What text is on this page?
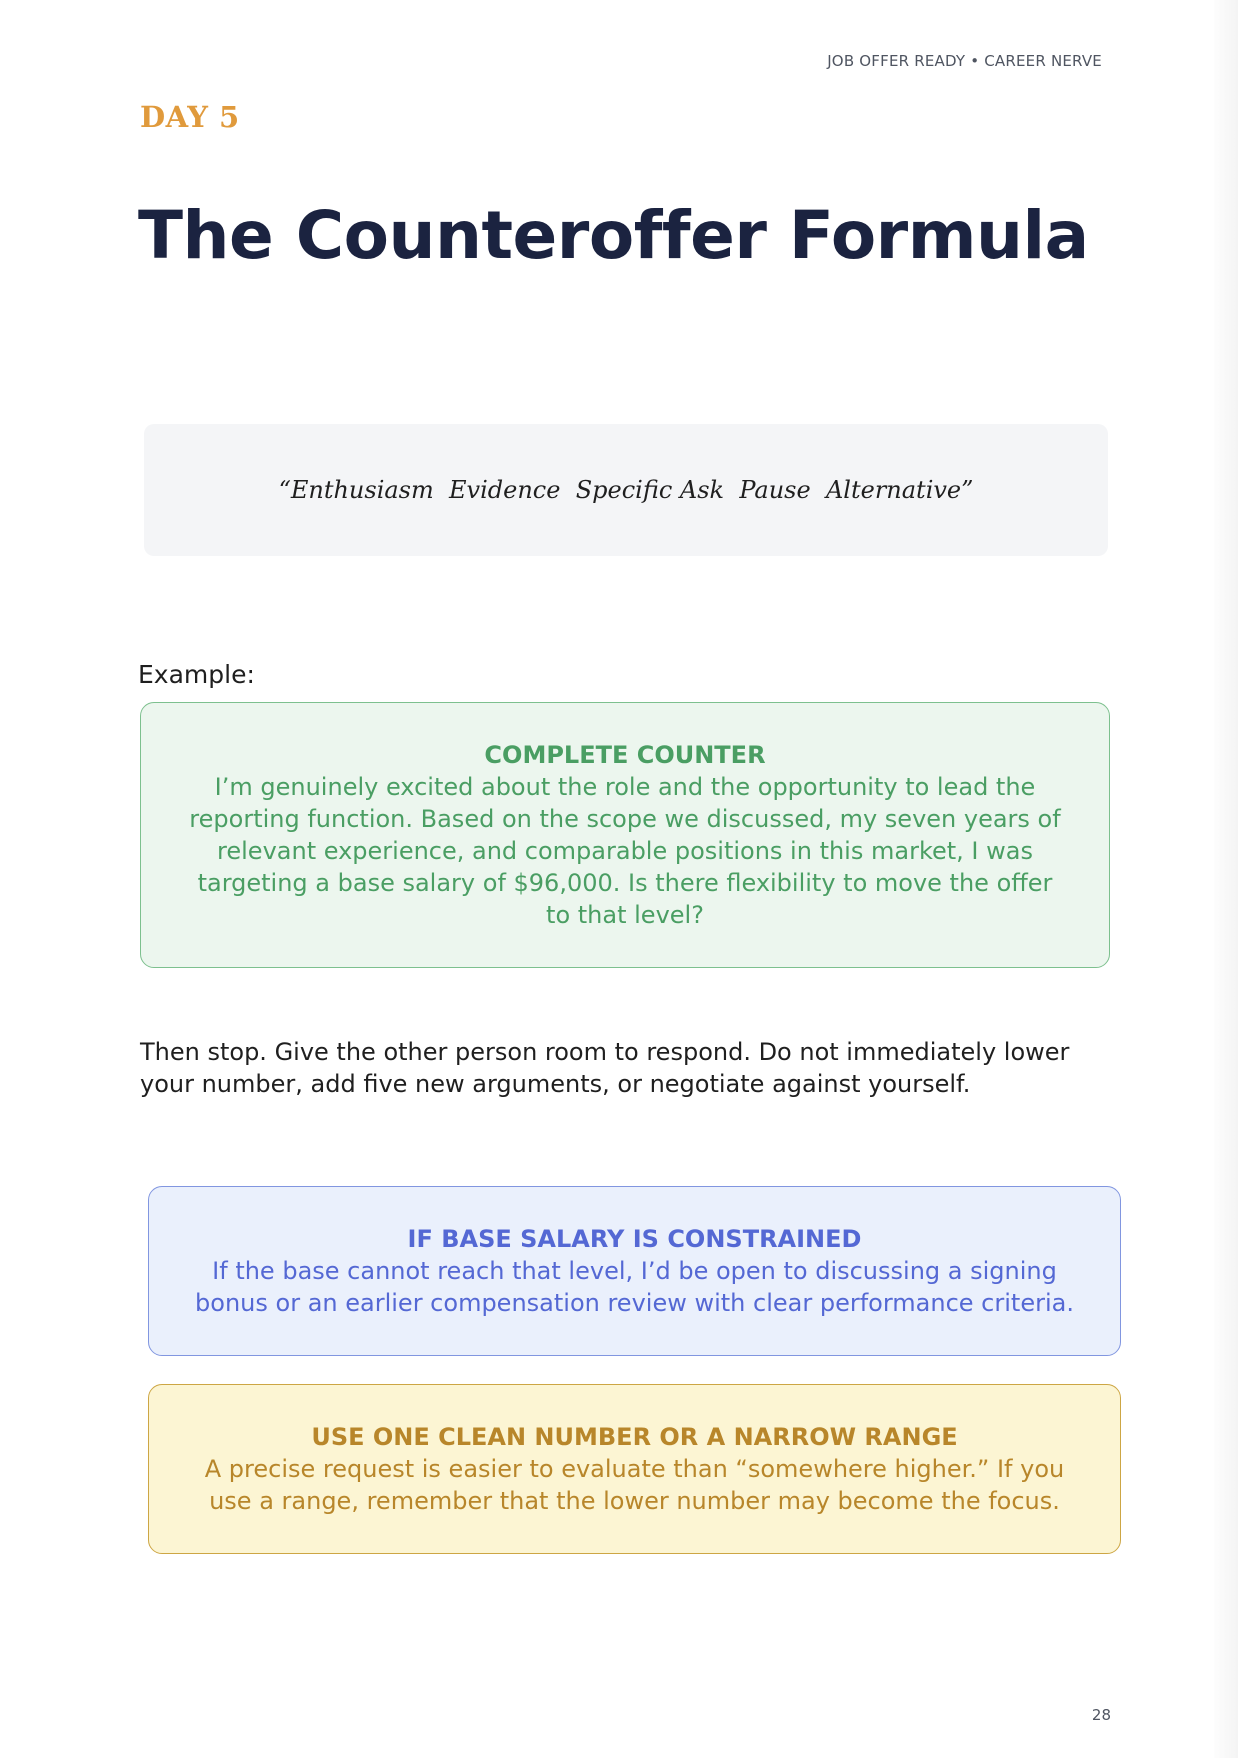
JOB OFFER READY • CAREER NERVE
DAY 5
The Counteroffer Formula
“Enthusiasm  Evidence  Specific Ask  Pause  Alternative”
Example:
COMPLETE COUNTER
I’m genuinely excited about the role and the opportunity to lead the reporting function. Based on the scope we discussed, my seven years of relevant experience, and comparable positions in this market, I was targeting a base salary of $96,000. Is there flexibility to move the offer to that level?

Then stop. Give the other person room to respond. Do not immediately lower your number, add five new arguments, or negotiate against yourself.

IF BASE SALARY IS CONSTRAINED
If the base cannot reach that level, I’d be open to discussing a signing bonus or an earlier compensation review with clear performance criteria.
USE ONE CLEAN NUMBER OR A NARROW RANGE
A precise request is easier to evaluate than “somewhere higher.” If you use a range, remember that the lower number may become the focus.
28
